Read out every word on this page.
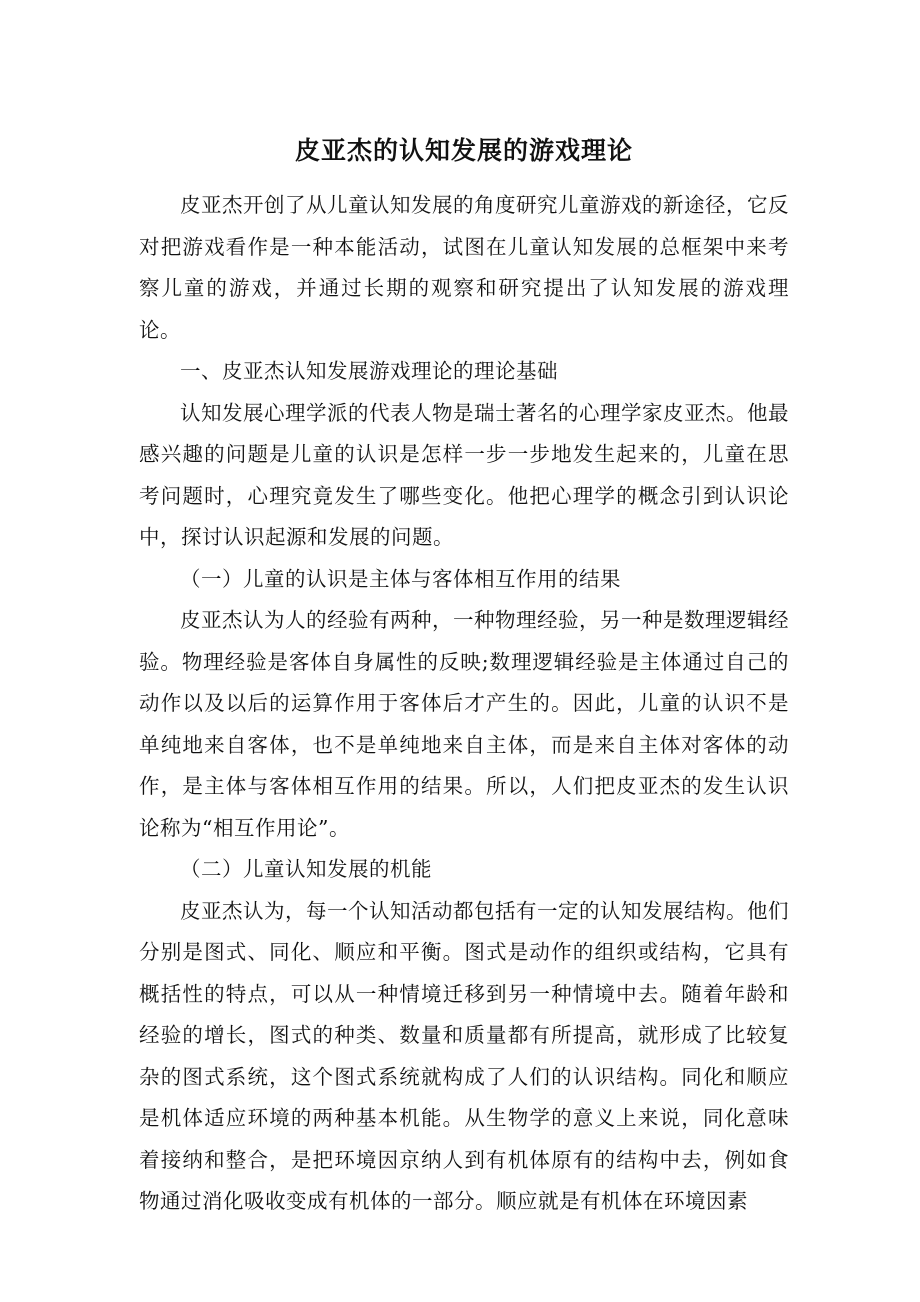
皮亚杰的认知发展的游戏理论

皮亚杰开创了从儿童认知发展的角度研究儿童游戏的新途径，它反对把游戏看作是一种本能活动，试图在儿童认知发展的总框架中来考察儿童的游戏，并通过长期的观察和研究提出了认知发展的游戏理论。

一、皮亚杰认知发展游戏理论的理论基础

认知发展心理学派的代表人物是瑞士著名的心理学家皮亚杰。他最感兴趣的问题是儿童的认识是怎样一步一步地发生起来的，儿童在思考问题时，心理究竟发生了哪些变化。他把心理学的概念引到认识论中，探讨认识起源和发展的问题。

（一）儿童的认识是主体与客体相互作用的结果

皮亚杰认为人的经验有两种，一种物理经验，另一种是数理逻辑经验。物理经验是客体自身属性的反映;数理逻辑经验是主体通过自己的动作以及以后的运算作用于客体后才产生的。因此，儿童的认识不是单纯地来自客体，也不是单纯地来自主体，而是来自主体对客体的动作，是主体与客体相互作用的结果。所以，人们把皮亚杰的发生认识论称为“相互作用论”。

（二）儿童认知发展的机能

皮亚杰认为，每一个认知活动都包括有一定的认知发展结构。他们分别是图式、同化、顺应和平衡。图式是动作的组织或结构，它具有概括性的特点，可以从一种情境迁移到另一种情境中去。随着年龄和经验的增长，图式的种类、数量和质量都有所提高，就形成了比较复杂的图式系统，这个图式系统就构成了人们的认识结构。同化和顺应是机体适应环境的两种基本机能。从生物学的意义上来说，同化意味着接纳和整合，是把环境因京纳人到有机体原有的结构中去，例如食物通过消化吸收变成有机体的一部分。顺应就是有机体在环境因素
